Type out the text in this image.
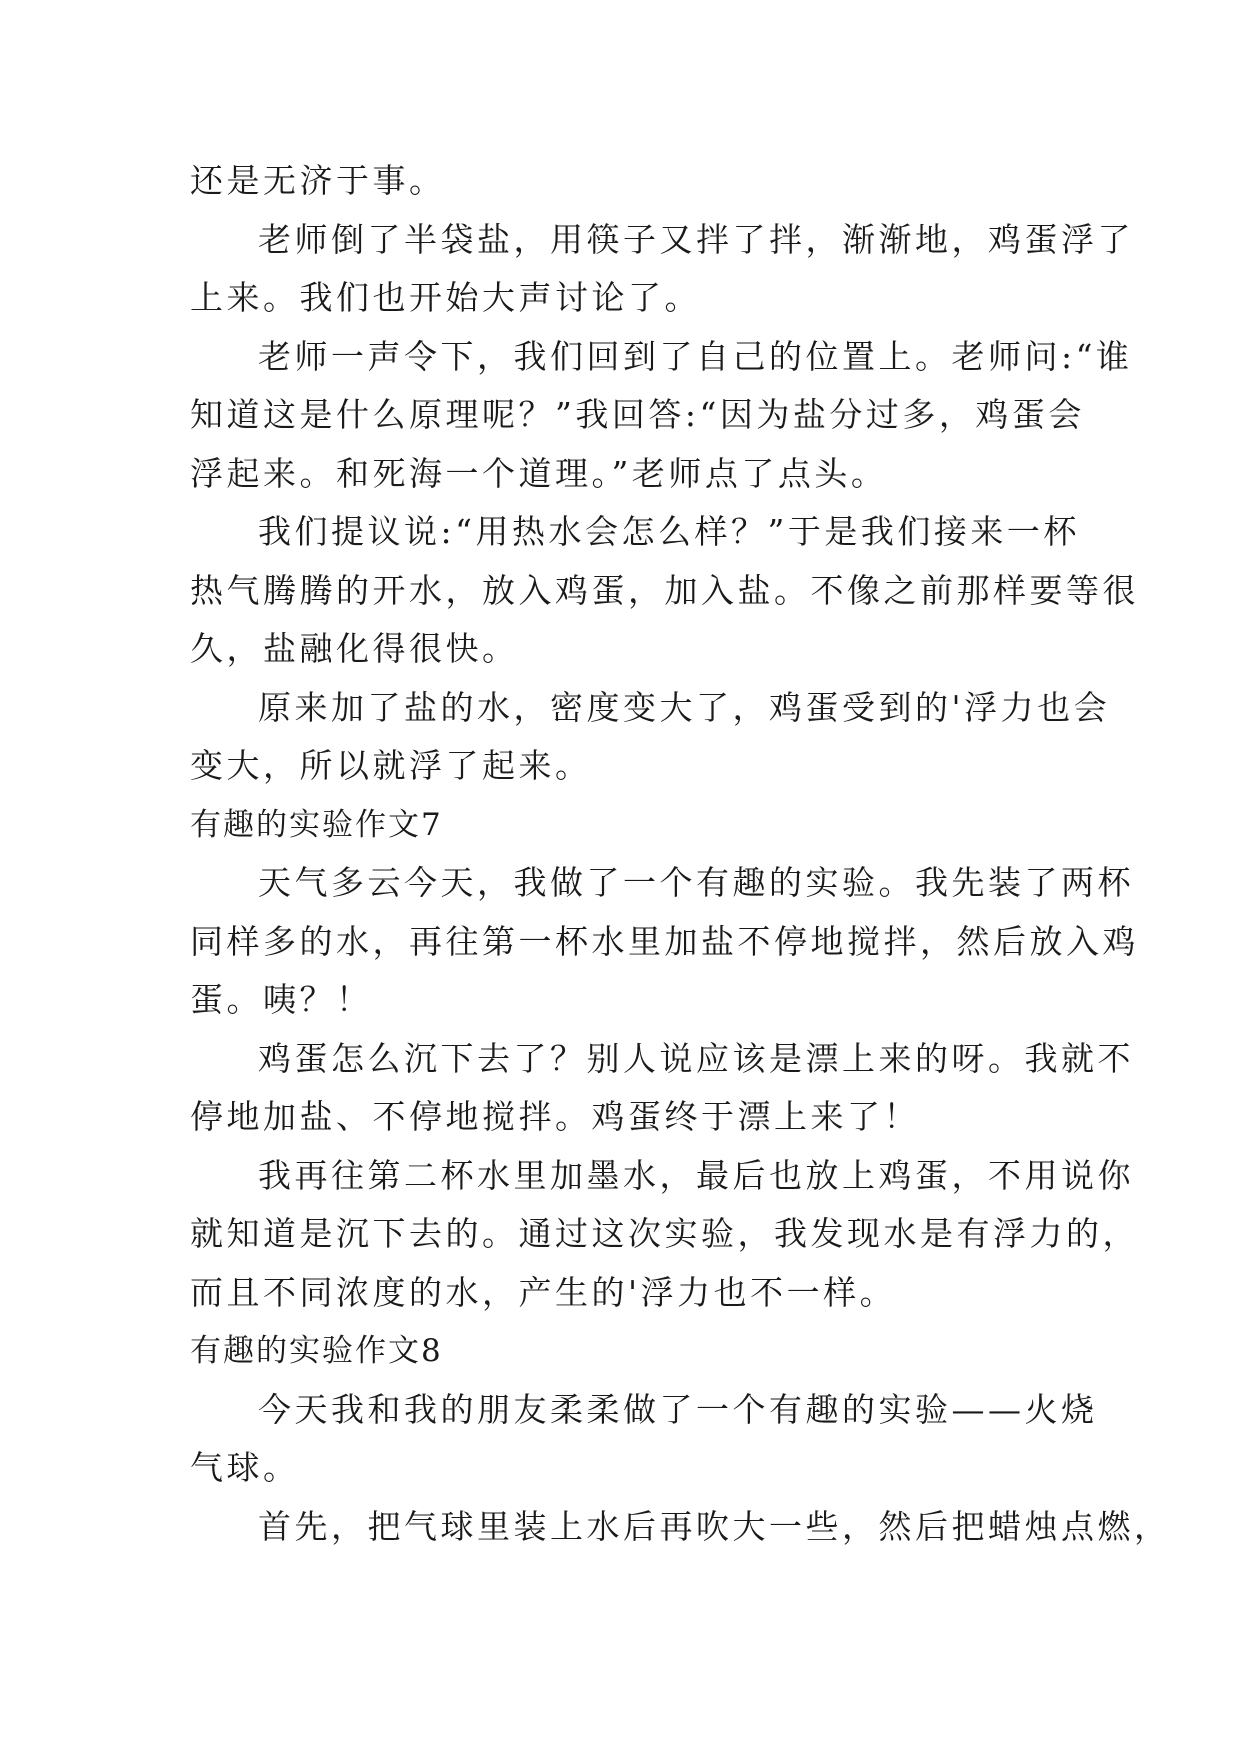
还是无济于事。
老师倒了半袋盐，用筷子又拌了拌，渐渐地，鸡蛋浮了
上来。我们也开始大声讨论了。
老师一声令下，我们回到了自己的位置上。老师问:“谁
知道这是什么原理呢？”我回答:“因为盐分过多，鸡蛋会
浮起来。和死海一个道理。”老师点了点头。
我们提议说:“用热水会怎么样？”于是我们接来一杯
热气腾腾的开水，放入鸡蛋，加入盐。不像之前那样要等很
久，盐融化得很快。
原来加了盐的水，密度变大了，鸡蛋受到的'浮力也会
变大，所以就浮了起来。
有趣的实验作文7
天气多云今天，我做了一个有趣的实验。我先装了两杯
同样多的水，再往第一杯水里加盐不停地搅拌，然后放入鸡
蛋。咦？！
鸡蛋怎么沉下去了？别人说应该是漂上来的呀。我就不
停地加盐、不停地搅拌。鸡蛋终于漂上来了！
我再往第二杯水里加墨水，最后也放上鸡蛋，不用说你
就知道是沉下去的。通过这次实验，我发现水是有浮力的，
而且不同浓度的水，产生的'浮力也不一样。
有趣的实验作文8
今天我和我的朋友柔柔做了一个有趣的实验——火烧
气球。
首先，把气球里装上水后再吹大一些，然后把蜡烛点燃，
